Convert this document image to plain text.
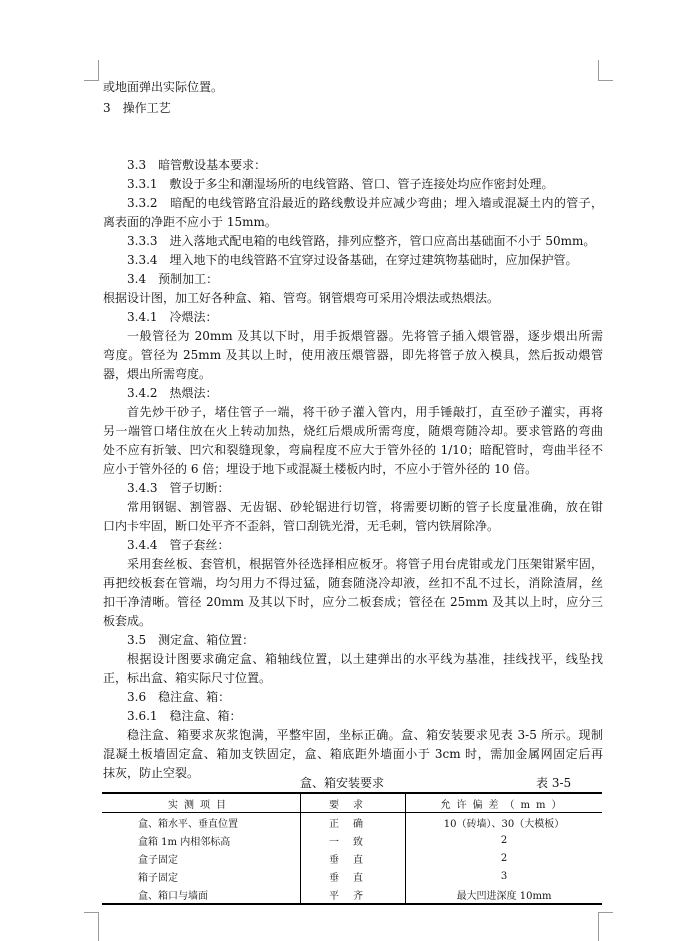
或地面弹出实际位置。
3　操作工艺
3.3　暗管敷设基本要求：
3.3.1　敷设于多尘和潮湿场所的电线管路、管口、管子连接处均应作密封处理。
3.3.2　暗配的电线管路宜沿最近的路线敷设并应减少弯曲；埋入墙或混凝土内的管子，
离表面的净距不应小于 15mm。
3.3.3　进入落地式配电箱的电线管路，排列应整齐，管口应高出基础面不小于 50mm。
3.3.4　埋入地下的电线管路不宜穿过设备基础，在穿过建筑物基础时，应加保护管。
3.4　预制加工：
根据设计图，加工好各种盒、箱、管弯。钢管煨弯可采用冷煨法或热煨法。
3.4.1　冷煨法：
一般管径为 20mm 及其以下时，用手扳煨管器。先将管子插入煨管器，逐步煨出所需
弯度。管径为 25mm 及其以上时，使用液压煨管器，即先将管子放入模具，然后扳动煨管
器，煨出所需弯度。
3.4.2　热煨法：
首先炒干砂子，堵住管子一端，将干砂子灌入管内，用手锤敲打，直至砂子灌实，再将
另一端管口堵住放在火上转动加热，烧红后煨成所需弯度，随煨弯随冷却。要求管路的弯曲
处不应有折皱、凹穴和裂缝现象，弯扁程度不应大于管外径的 1/10；暗配管时，弯曲半径不
应小于管外径的 6 倍；埋设于地下或混凝土楼板内时，不应小于管外径的 10 倍。
3.4.3　管子切断：
常用钢锯、割管器、无齿锯、砂轮锯进行切管，将需要切断的管子长度量准确，放在钳
口内卡牢固，断口处平齐不歪斜，管口刮铣光滑，无毛刺，管内铁屑除净。
3.4.4　管子套丝：
采用套丝板、套管机，根据管外径选择相应板牙。将管子用台虎钳或龙门压架钳紧牢固，
再把绞板套在管端，均匀用力不得过猛，随套随浇冷却液，丝扣不乱不过长，消除渣屑，丝
扣干净清晰。管径 20mm 及其以下时，应分二板套成；管径在 25mm 及其以上时，应分三
板套成。
3.5　测定盒、箱位置：
根据设计图要求确定盒、箱轴线位置，以土建弹出的水平线为基准，挂线找平，线坠找
正，标出盒、箱实际尺寸位置。
3.6　稳注盒、箱：
3.6.1　稳注盒、箱：
稳注盒、箱要求灰浆饱满，平整牢固，坐标正确。盒、箱安装要求见表 3-5 所示。现制
混凝土板墙固定盒、箱加支铁固定，盒、箱底距外墙面小于 3cm 时，需加金属网固定后再
抹灰，防止空裂。
盒、箱安装要求	表 3-5
实测项目	要求	允许偏差（mm）
盒、箱水平、垂直位置	正确	10（砖墙）、30（大模板）
盒箱 1m 内相邻标高	一致	2
盒子固定	垂直	2
箱子固定	垂直	3
盒、箱口与墙面	平齐	最大凹进深度 10mm
